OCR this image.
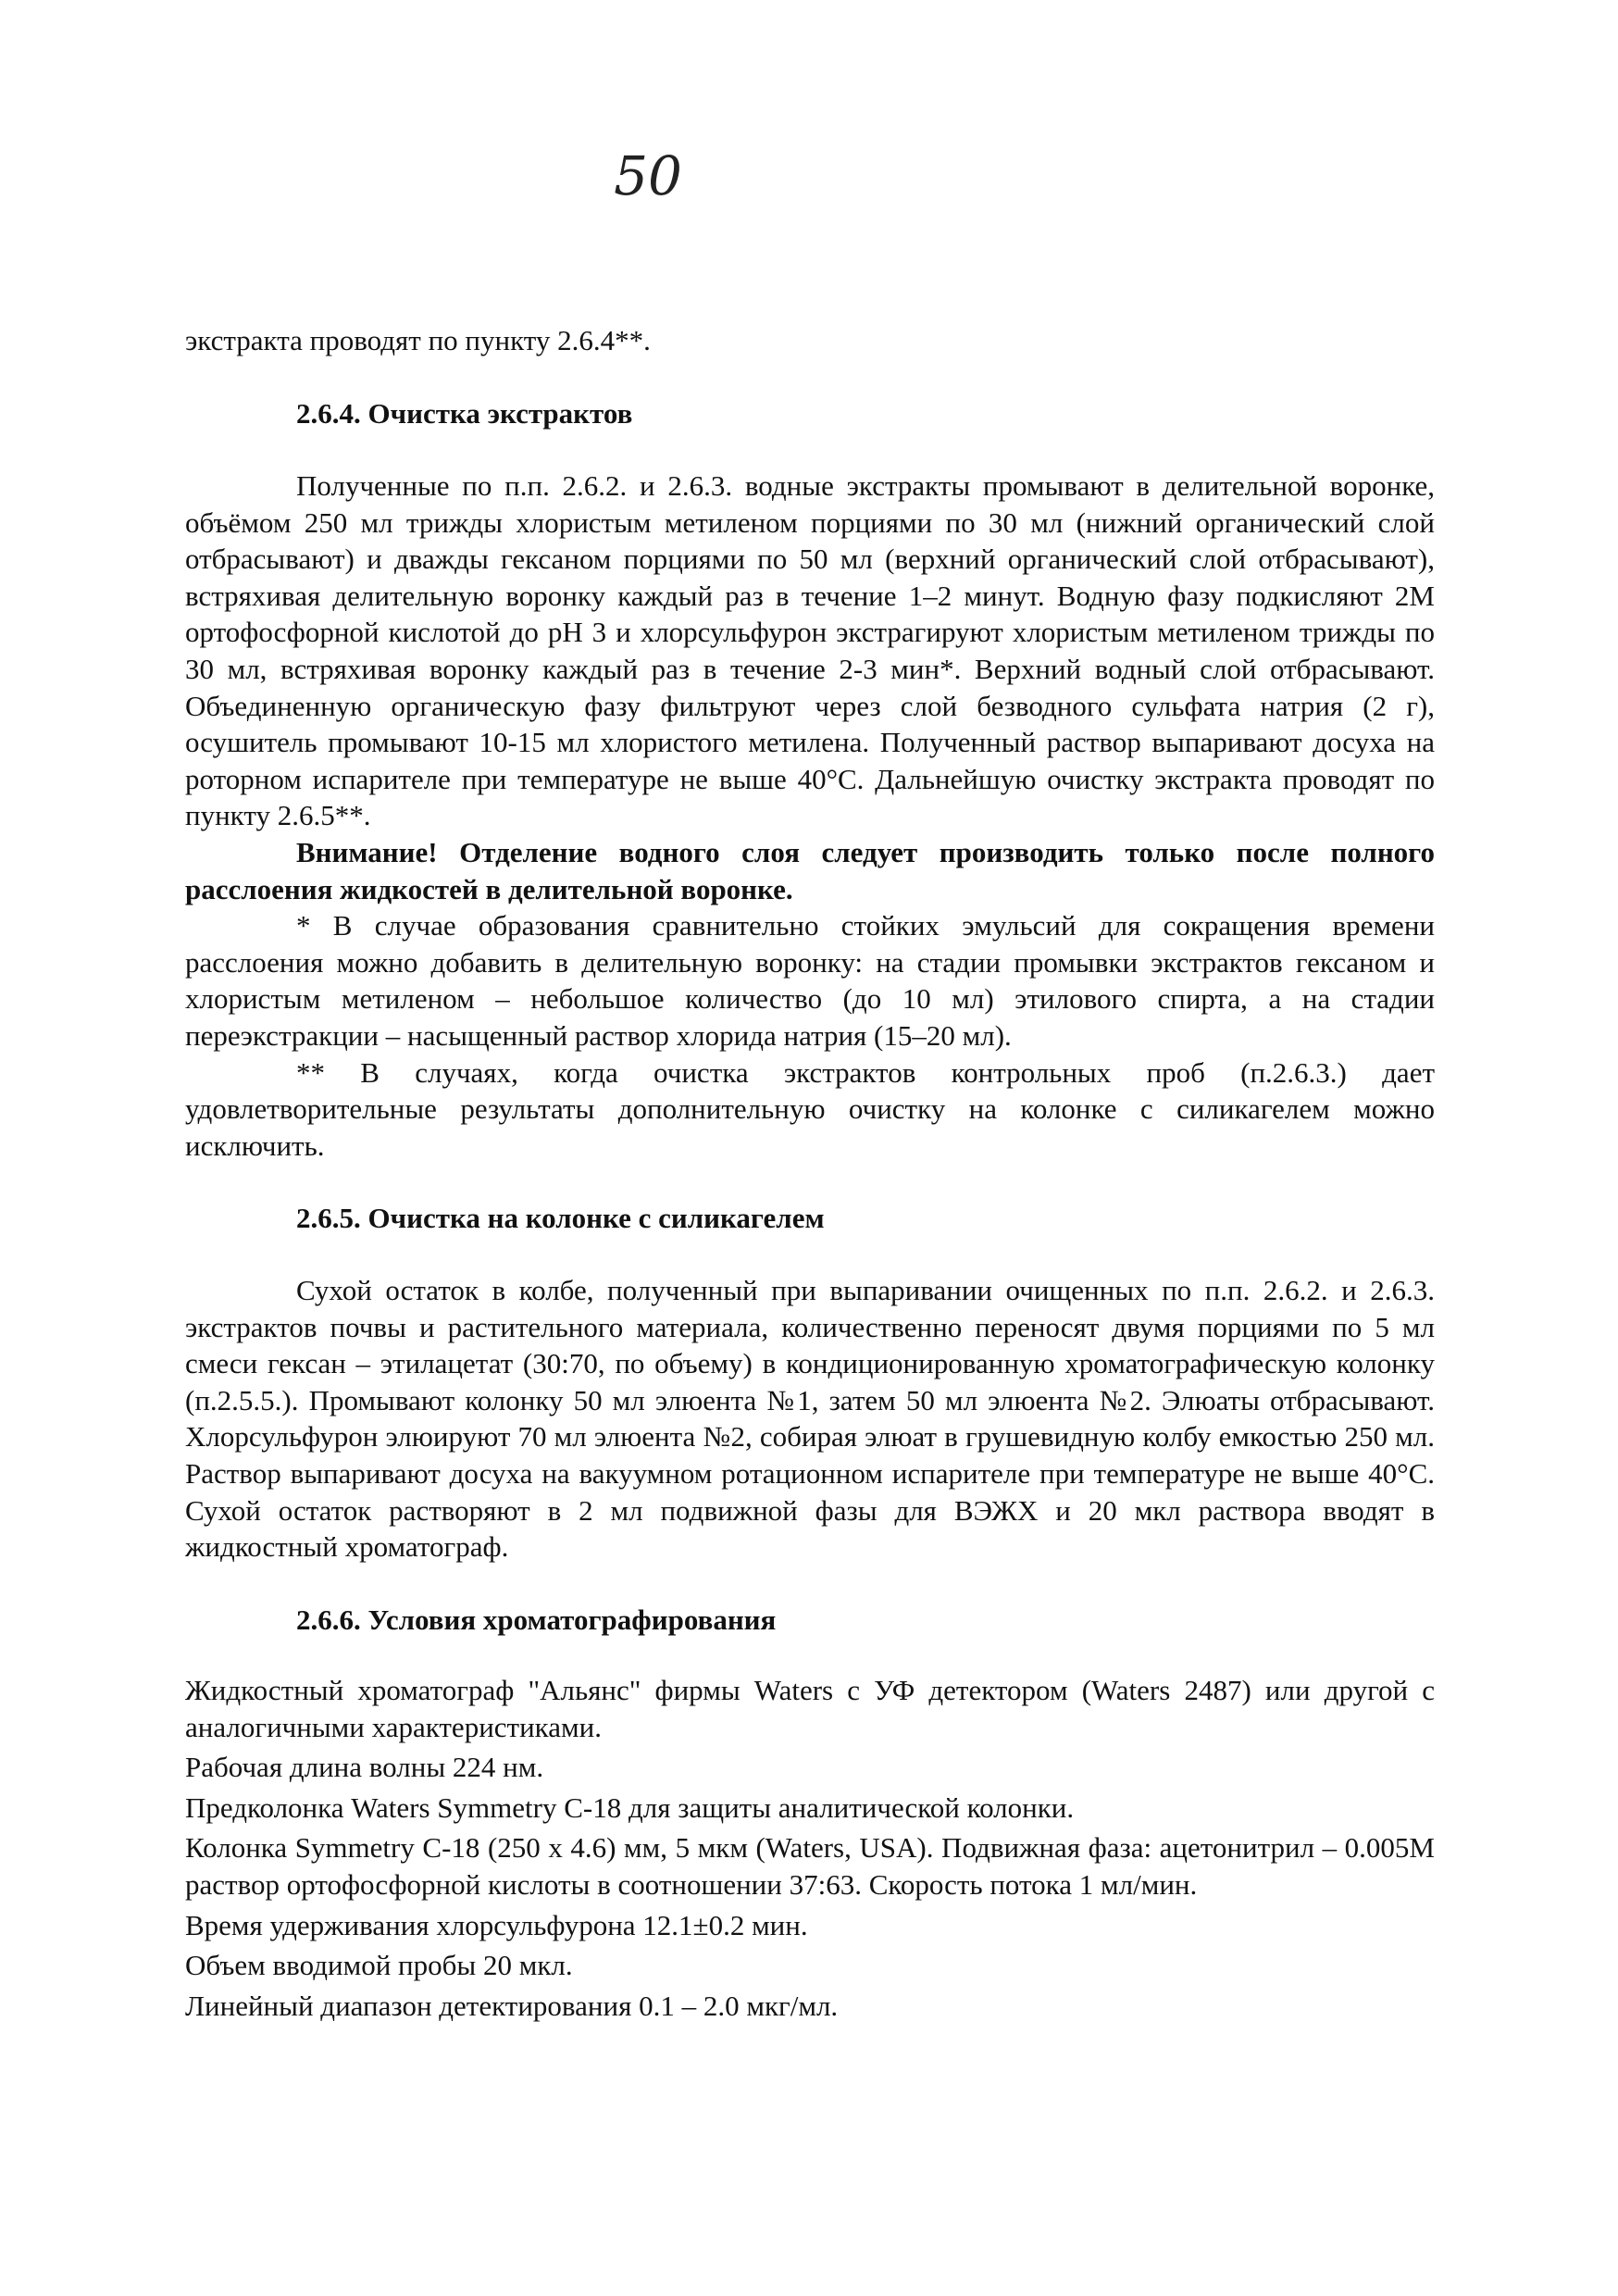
50
экстракта проводят по пункту 2.6.4**.
2.6.4. Очистка экстрактов
Полученные по п.п. 2.6.2. и 2.6.3. водные экстракты промывают в делительной воронке, объёмом 250 мл трижды хлористым метиленом порциями по 30 мл (нижний органический слой отбрасывают) и дважды гексаном порциями по 50 мл (верхний органический слой отбрасывают), встряхивая делительную воронку каждый раз в течение 1–2 минут. Водную фазу подкисляют 2М ортофосфорной кислотой до рН 3 и хлорсульфурон экстрагируют хлористым метиленом трижды по 30 мл, встряхивая воронку каждый раз в течение 2-3 мин*. Верхний водный слой отбрасывают. Объединенную органическую фазу фильтруют через слой безводного сульфата натрия (2 г), осушитель промывают 10-15 мл хлористого метилена. Полученный раствор выпаривают досуха на роторном испарителе при температуре не выше 40°С. Дальнейшую очистку экстракта проводят по пункту 2.6.5**.

Внимание! Отделение водного слоя следует производить только после полного расслоения жидкостей в делительной воронке.

* В случае образования сравнительно стойких эмульсий для сокращения времени расслоения можно добавить в делительную воронку: на стадии промывки экстрактов гексаном и хлористым метиленом – небольшое количество (до 10 мл) этилового спирта, а на стадии переэкстракции – насыщенный раствор хлорида натрия (15–20 мл).

** В случаях, когда очистка экстрактов контрольных проб (п.2.6.3.) дает удовлетворительные результаты дополнительную очистку на колонке с силикагелем можно исключить.

2.6.5. Очистка на колонке с силикагелем
Сухой остаток в колбе, полученный при выпаривании очищенных по п.п. 2.6.2. и 2.6.3. экстрактов почвы и растительного материала, количественно переносят двумя порциями по 5 мл смеси гексан – этилацетат (30:70, по объему) в кондиционированную хроматографическую колонку (п.2.5.5.). Промывают колонку 50 мл элюента №1, затем 50 мл элюента №2. Элюаты отбрасывают. Хлорсульфурон элюируют 70 мл элюента №2, собирая элюат в грушевидную колбу емкостью 250 мл. Раствор выпаривают досуха на вакуумном ротационном испарителе при температуре не выше 40°С. Сухой остаток растворяют в 2 мл подвижной фазы для ВЭЖХ и 20 мкл раствора вводят в жидкостный хроматограф.
2.6.6. Условия хроматографирования

Жидкостный хроматограф "Альянс" фирмы Waters с УФ детектором (Waters 2487) или другой с аналогичными характеристиками.

Рабочая длина волны 224 нм.

Предколонка Waters Symmetry С-18 для защиты аналитической колонки.

Колонка Symmetry С-18 (250 х 4.6) мм, 5 мкм (Waters, USA). Подвижная фаза: ацетонитрил – 0.005М раствор ортофосфорной кислоты в соотношении 37:63. Скорость потока 1 мл/мин.

Время удерживания хлорсульфурона 12.1±0.2 мин.

Объем вводимой пробы 20 мкл.

Линейный диапазон детектирования 0.1 – 2.0 мкг/мл.
